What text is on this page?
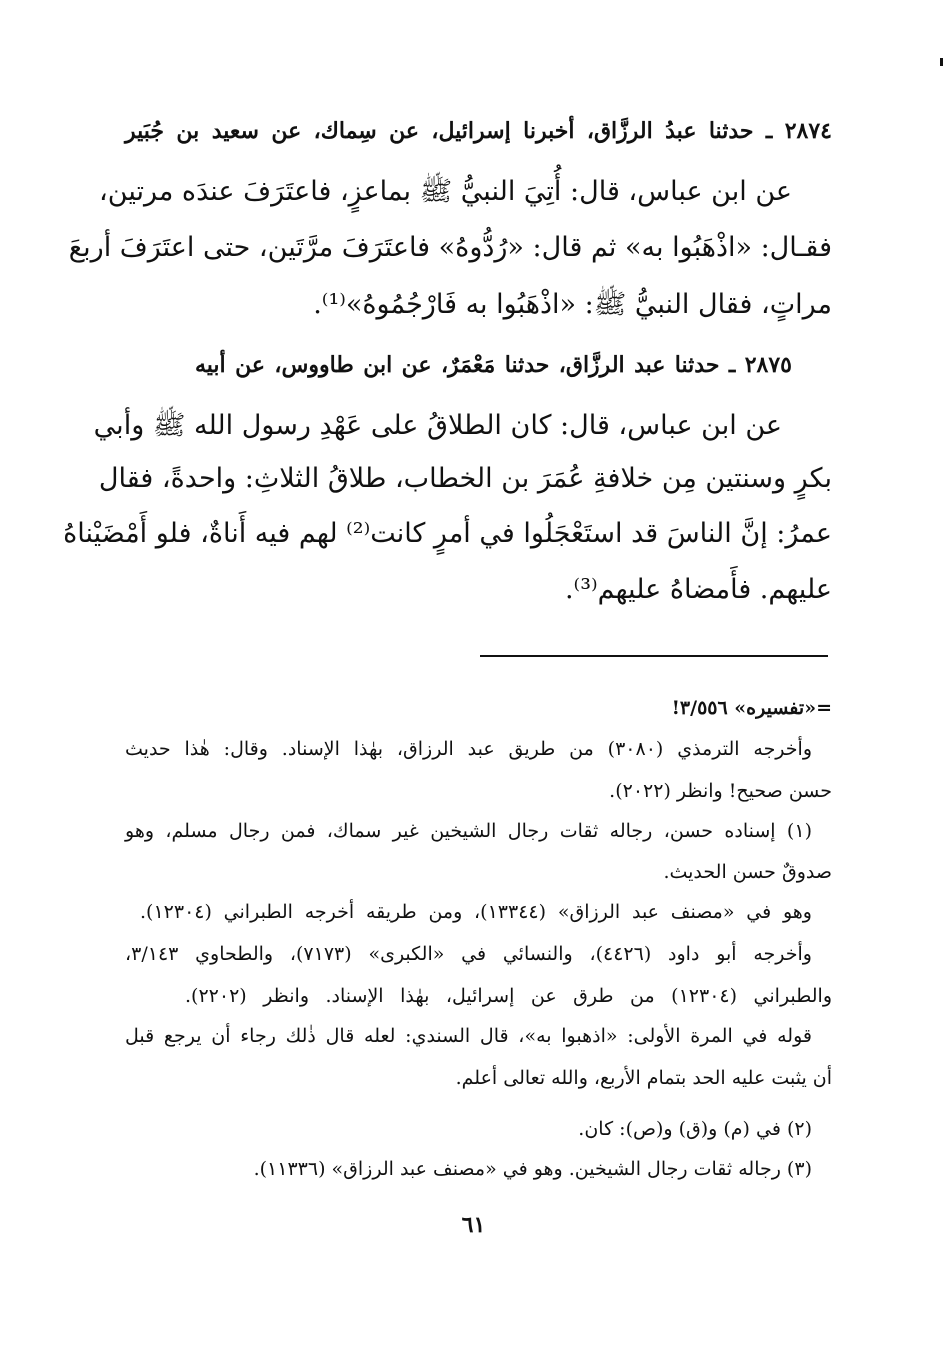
٢٨٧٤ ـ حدثنا عبدُ الرزَّاق، أخبرنا إسرائيل، عن سِماك، عن سعيد بن جُبَير
عن ابن عباس، قال: أُتِيَ النبيُّ ﷺ بماعزٍ، فاعتَرَفَ عندَه مرتين،
فقـال: «اذْهَبُوا به» ثم قال: «رُدُّوهُ» فاعتَرَفَ مرَّتَين، حتى اعتَرَفَ أربعَ
مراتٍ، فقال النبيُّ ﷺ: «اذْهَبُوا به فَارْجُمُوهُ»⁽¹⁾.
٢٨٧٥ ـ حدثنا عبد الرزَّاق، حدثنا مَعْمَرٌ، عن ابن طاووس، عن أبيه
عن ابن عباس، قال: كان الطلاقُ على عَهْدِ رسول الله ﷺ وأبي
بكرٍ وسنتين مِن خلافةِ عُمَرَ بن الخطاب، طلاقُ الثلاثِ: واحدةً، فقال
عمرُ: إنَّ الناسَ قد استَعْجَلُوا في أمرٍ كانت⁽²⁾ لهم فيه أَناةٌ، فلو أَمْضَيْناهُ
عليهم. فأَمضاهُ عليهم⁽³⁾.
=«تفسيره» ٣/٥٥٦!
وأخرجه الترمذي (٣٠٨٠) من طريق عبد الرزاق، بهٰذا الإسناد. وقال: هٰذا حديث
حسن صحيح! وانظر (٢٠٢٢).
(١) إسناده حسن، رجاله ثقات رجال الشيخين غير سماك، فمن رجال مسلم، وهو
صدوقٌ حسن الحديث.
وهو في «مصنف عبد الرزاق» (١٣٣٤٤)، ومن طريقه أخرجه الطبراني (١٢٣٠٤).
وأخرجه أبو داود (٤٤٢٦)، والنسائي في «الكبرى» (٧١٧٣)، والطحاوي ٣/١٤٣،
والطبراني (١٢٣٠٤) من طرق عن إسرائيل، بهٰذا الإسناد. وانظر (٢٢٠٢).
قوله في المرة الأولى: «اذهبوا به»، قال السندي: لعله قال ذٰلك رجاء أن يرجع قبل
أن يثبت عليه الحد بتمام الأربع، والله تعالى أعلم.
(٢) في (م) و(ق) و(ص): كان.
(٣) رجاله ثقات رجال الشيخين. وهو في «مصنف عبد الرزاق» (١١٣٣٦).
٦١
